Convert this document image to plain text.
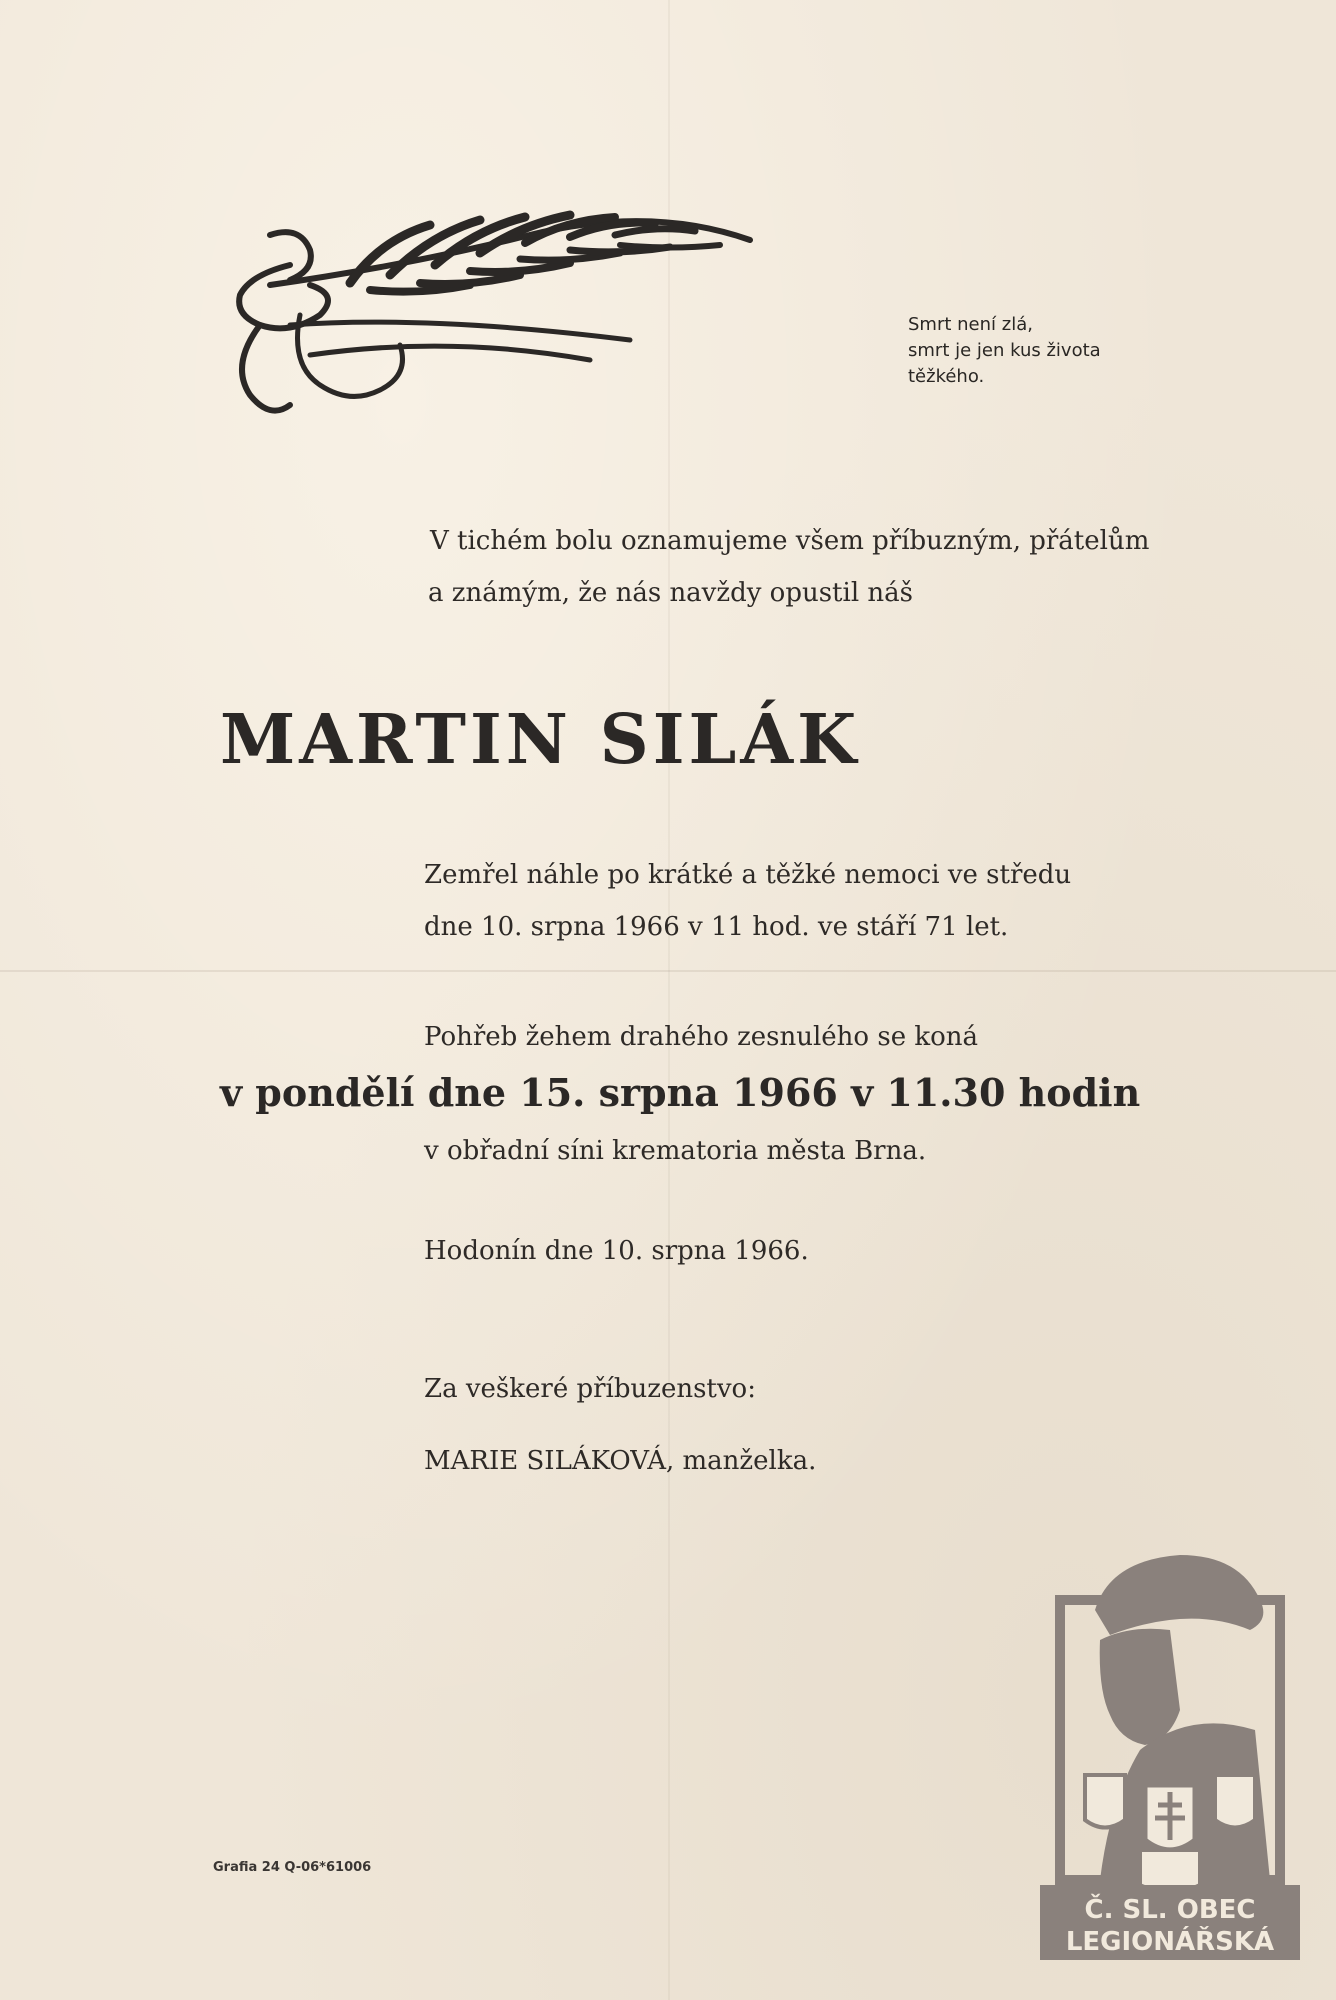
Smrt není zlá,
smrt je jen kus života
těžkého.
V tichém bolu oznamujeme všem příbuzným, přátelům
a známým, že nás navždy opustil náš
MARTIN SILÁK
Zemřel náhle po krátké a těžké nemoci ve středu
dne 10. srpna 1966 v 11 hod. ve stáří 71 let.
Pohřeb žehem drahého zesnulého se koná
v pondělí dne 15. srpna 1966 v 11.30 hodin
v obřadní síni krematoria města Brna.
Hodonín dne 10. srpna 1966.
Za veškeré příbuzenstvo:
MARIE SILÁKOVÁ, manželka.
Grafia 24 Q-06*61006
Č. SL. OBEC
LEGIONÁŘSKÁ
